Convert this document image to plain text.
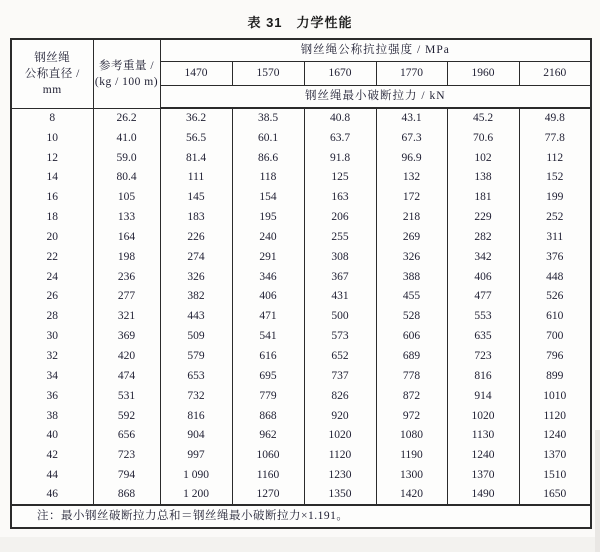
表 31　力学性能
钢丝绳
公称直径 /
mm

参考重量 /
(kg / 100 m)
	钢丝绳公称抗拉强度 / MPa
		1470	1570	1670	1770	1960	2160
		钢丝绳最小破断拉力 / kN					
8	26.2	36.2	38.5	40.8	43.1	45.2	49.8
10	41.0	56.5	60.1	63.7	67.3	70.6	77.8
12	59.0	81.4	86.6	91.8	96.9	102	112
14	80.4	111	118	125	132	138	152
16	105	145	154	163	172	181	199
18	133	183	195	206	218	229	252
20	164	226	240	255	269	282	311
22	198	274	291	308	326	342	376
24	236	326	346	367	388	406	448
26	277	382	406	431	455	477	526
28	321	443	471	500	528	553	610
30	369	509	541	573	606	635	700
32	420	579	616	652	689	723	796
34	474	653	695	737	778	816	899
36	531	732	779	826	872	914	1010
38	592	816	868	920	972	1020	1120
40	656	904	962	1020	1080	1130	1240
42	723	997	1060	1120	1190	1240	1370
44	794	1 090	1160	1230	1300	1370	1510
46	868	1 200	1270	1350	1420	1490	1650
注：最小钢丝破断拉力总和＝钢丝绳最小破断拉力×1.191。							
